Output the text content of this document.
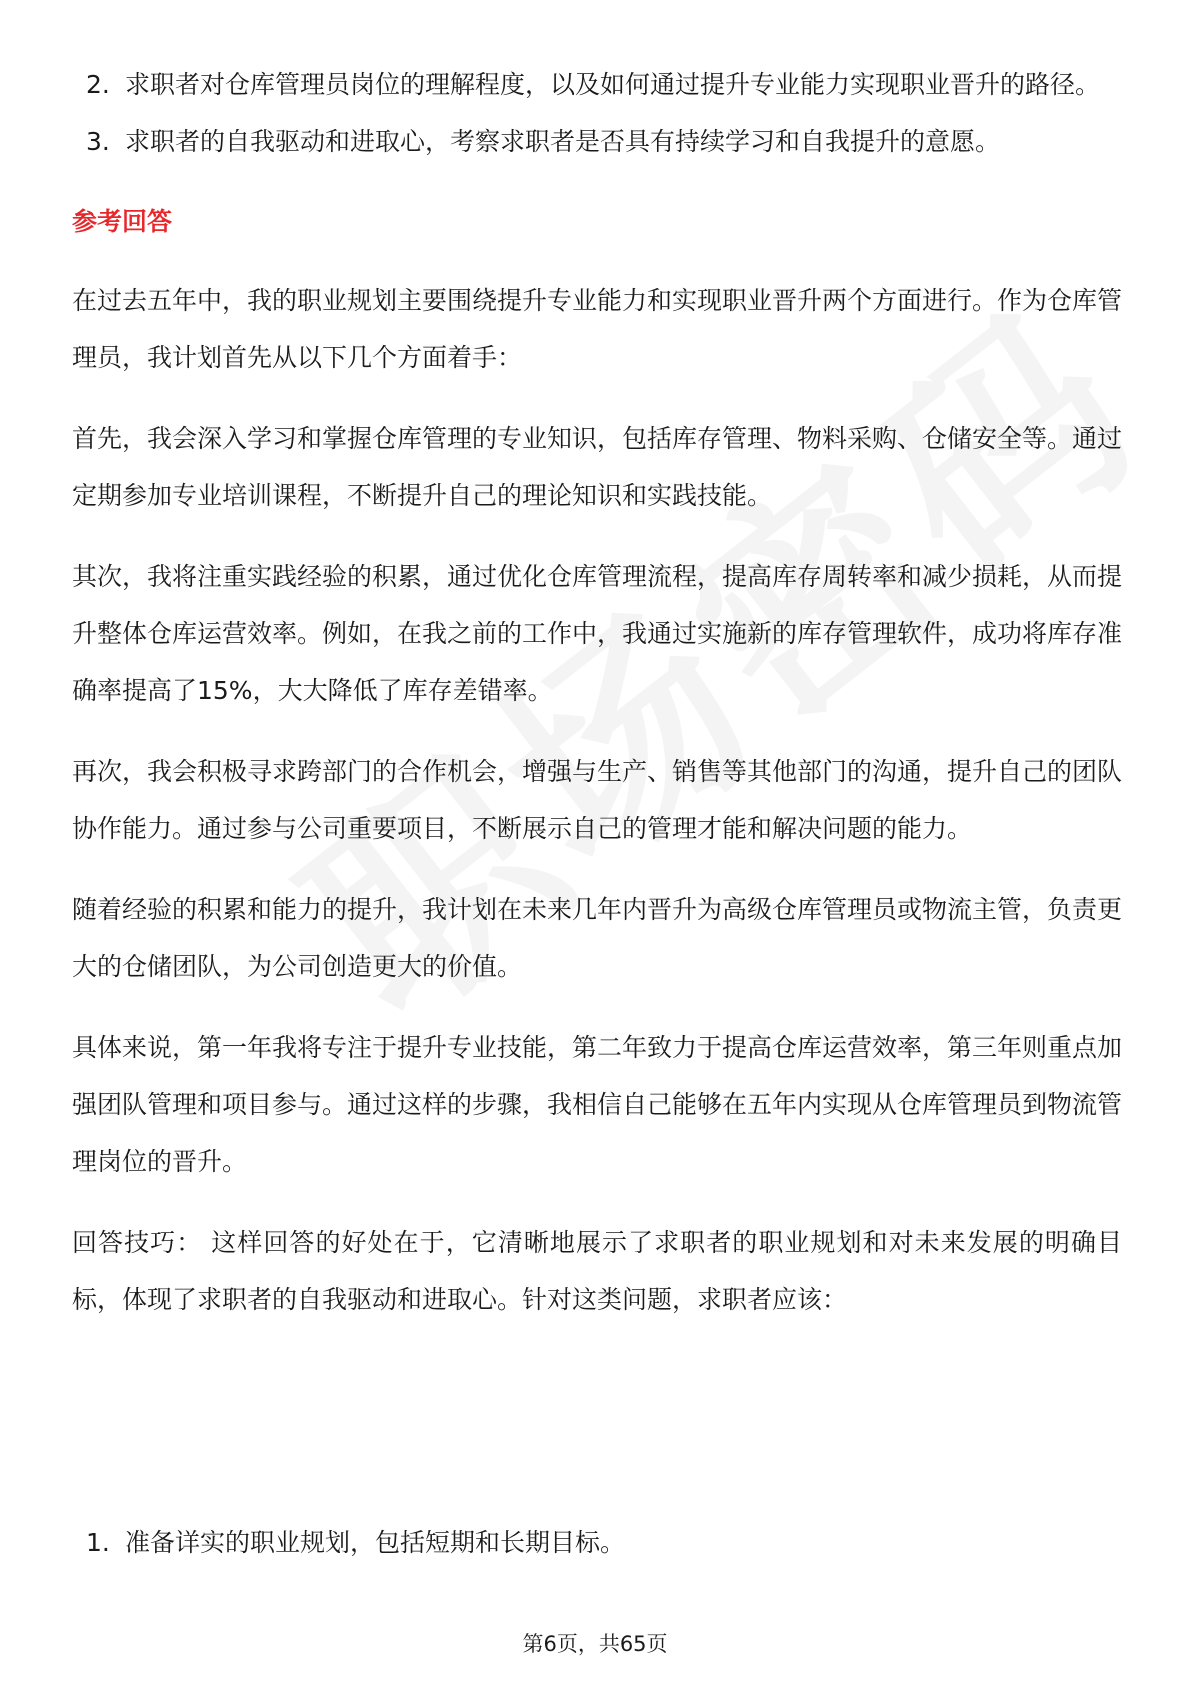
2. 求职者对仓库管理员岗位的理解程度，以及如何通过提升专业能力实现职业晋升的路径。
3. 求职者的自我驱动和进取心，考察求职者是否具有持续学习和自我提升的意愿。
参考回答

在过去五年中，我的职业规划主要围绕提升专业能力和实现职业晋升两个方面进行。作为仓库管理员，我计划首先从以下几个方面着手：

首先，我会深入学习和掌握仓库管理的专业知识，包括库存管理、物料采购、仓储安全等。通过定期参加专业培训课程，不断提升自己的理论知识和实践技能。

其次，我将注重实践经验的积累，通过优化仓库管理流程，提高库存周转率和减少损耗，从而提升整体仓库运营效率。例如，在我之前的工作中，我通过实施新的库存管理软件，成功将库存准确率提高了15%，大大降低了库存差错率。

再次，我会积极寻求跨部门的合作机会，增强与生产、销售等其他部门的沟通，提升自己的团队协作能力。通过参与公司重要项目，不断展示自己的管理才能和解决问题的能力。

随着经验的积累和能力的提升，我计划在未来几年内晋升为高级仓库管理员或物流主管，负责更大的仓储团队，为公司创造更大的价值。

具体来说，第一年我将专注于提升专业技能，第二年致力于提高仓库运营效率，第三年则重点加强团队管理和项目参与。通过这样的步骤，我相信自己能够在五年内实现从仓库管理员到物流管理岗位的晋升。

回答技巧： 这样回答的好处在于，它清晰地展示了求职者的职业规划和对未来发展的明确目标，体现了求职者的自我驱动和进取心。针对这类问题，求职者应该：

1. 准备详实的职业规划，包括短期和长期目标。
第6页，共65页
